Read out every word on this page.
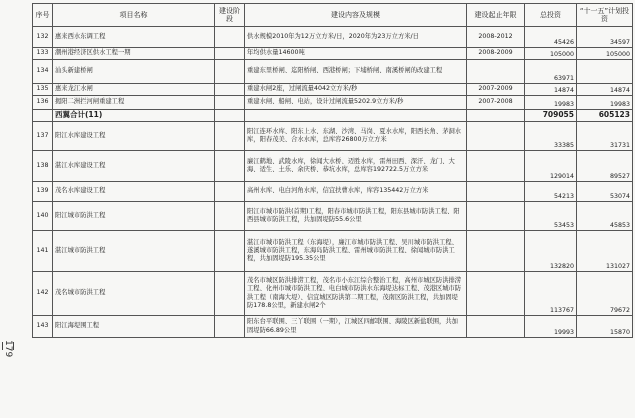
179
序号	项目名称	建设阶段	建设内容及规模	建设起止年限	总投资	“十一五”计划投资
132	惠来西水东调工程		供水规模2010年为12万立方米/日，2020年为23万立方米/日	2008-2012	45426	34597
133	潮州港经济区供水工程一期		年均供水量14600吨	2008-2009	105000	105000
134	汕头新建桥闸		重建东里桥闸、迄阳桥闸、西港桥闸；下埔桥闸、南溪桥闸的改建工程		63971	
135	惠来龙江水闸		重建水闸2座，过闸流量4042立方米/秒	2007-2009	14874	14874
136	揭阳二洲拦河闸重建工程		重建水闸、船闸、电站，设计过闸流量5202.9立方米/秒	2007-2008	19983	19983
	西翼合计(11)				709055	605123
137	阳江水库建设工程		阳江连环水库、阳东上水、东湖、沙湾、马岗、夏水水库，阳西长角、茅洞水库，阳春茂美、合水水库，总库容26800万立方米		33385	31731
138	湛江水库建设工程		廉江鹤地、武陵水库，徐闻大水桥、迈胜水库，雷州田西、深汗、龙门、大海、适生、土乐、余庆桥、恭坑水库，总库容192722.5万立方米		129014	89527
139	茂名水库建设工程		高州水库、电白河角水库，信宜扶曹水库，库容135442万立方米		54213	53074
140	阳江城市防洪工程		阳江市城市防洪(首期)工程，阳春市城市防洪工程，阳东县城市防洪工程、阳西县城市防洪工程，共加固堤防55.6公里		53453	45853
141	湛江城市防洪工程		湛江市城市防洪工程（东海堤），廉江市城市防洪工程、吴川城市防洪工程、遂溪城市防洪工程，东海岛防洪工程、雷州城市防洪工程、徐闻城市防洪工程，共加固堤防195.35公里		132820	131027
142	茂名城市防洪工程		茂名市城区防洪排涝工程，茂名市小东江综合整治工程，高州市城区防洪排涝工程、化州市城市防洪工程、电白城市防洪水东海堤达标工程、茂港区城市防洪工程（南海大堤）、信宜城区防洪第二期工程，茂南区防洪工程，共加固堤防178.8公里，新建水闸2个		113767	79672
143	阳江海堤围工程		阳东台平联围、三丫联围（一期），江城区四邮联围、海陵区新盐联围，共加固堤防66.89公里		19993	15870
